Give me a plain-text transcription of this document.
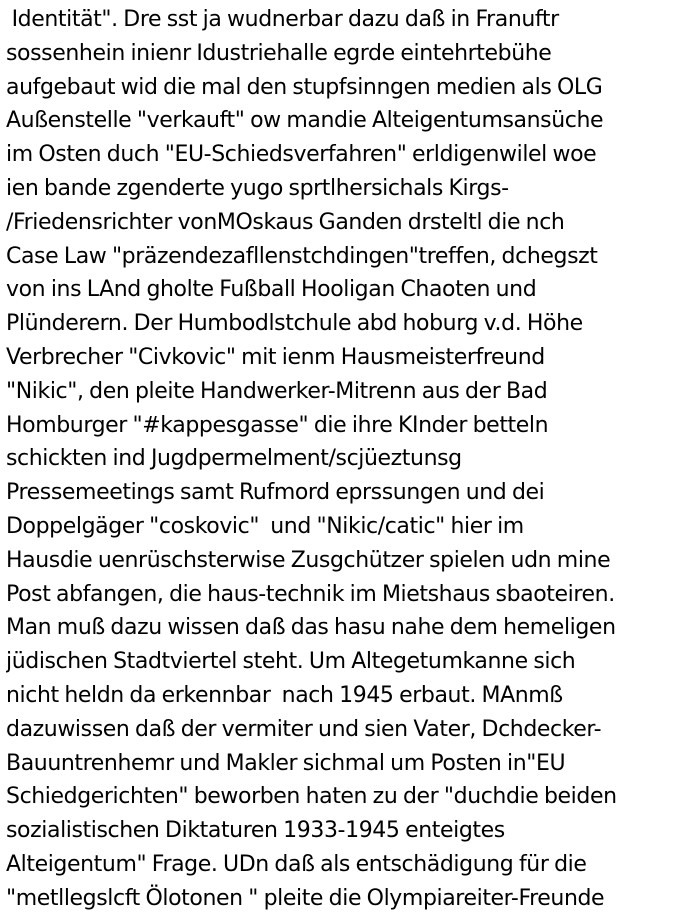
Identität". Dre sst ja wudnerbar dazu daß in Franuftr
sossenhein inienr Idustriehalle egrde eintehrtebühe
aufgebaut wid die mal den stupfsinngen medien als OLG
Außenstelle "verkauft" ow mandie Alteigentumsansüche
im Osten duch "EU-Schiedsverfahren" erldigenwilel woe
ien bande zgenderte yugo sprtlhersichals Kirgs-
/Friedensrichter vonMOskaus Ganden drsteltl die nch
Case Law "präzendezafllenstchdingen"treffen, dchegszt
von ins LAnd gholte Fußball Hooligan Chaoten und
Plünderern. Der Humbodlstchule abd hoburg v.d. Höhe
Verbrecher "Civkovic" mit ienm Hausmeisterfreund
"Nikic", den pleite Handwerker-Mitrenn aus der Bad
Homburger "#kappesgasse" die ihre KInder betteln
schickten ind Jugdpermelment/scjüeztunsg
Pressemeetings samt Rufmord eprssungen und dei
Doppelgäger "coskovic"  und "Nikic/catic" hier im
Hausdie uenrüschsterwise Zusgchützer spielen udn mine
Post abfangen, die haus-technik im Mietshaus sbaoteiren.
Man muß dazu wissen daß das hasu nahe dem hemeligen
jüdischen Stadtviertel steht. Um Altegetumkanne sich
nicht heldn da erkennbar  nach 1945 erbaut. MAnmß
dazuwissen daß der vermiter und sien Vater, Dchdecker-
Bauuntrenhemr und Makler sichmal um Posten in"EU
Schiedgerichten" beworben haten zu der "duchdie beiden
sozialistischen Diktaturen 1933-1945 enteigtes
Alteigentum" Frage. UDn daß als entschädigung für die
"metllegslcft Ölotonen " pleite die Olympiareiter-Freunde
